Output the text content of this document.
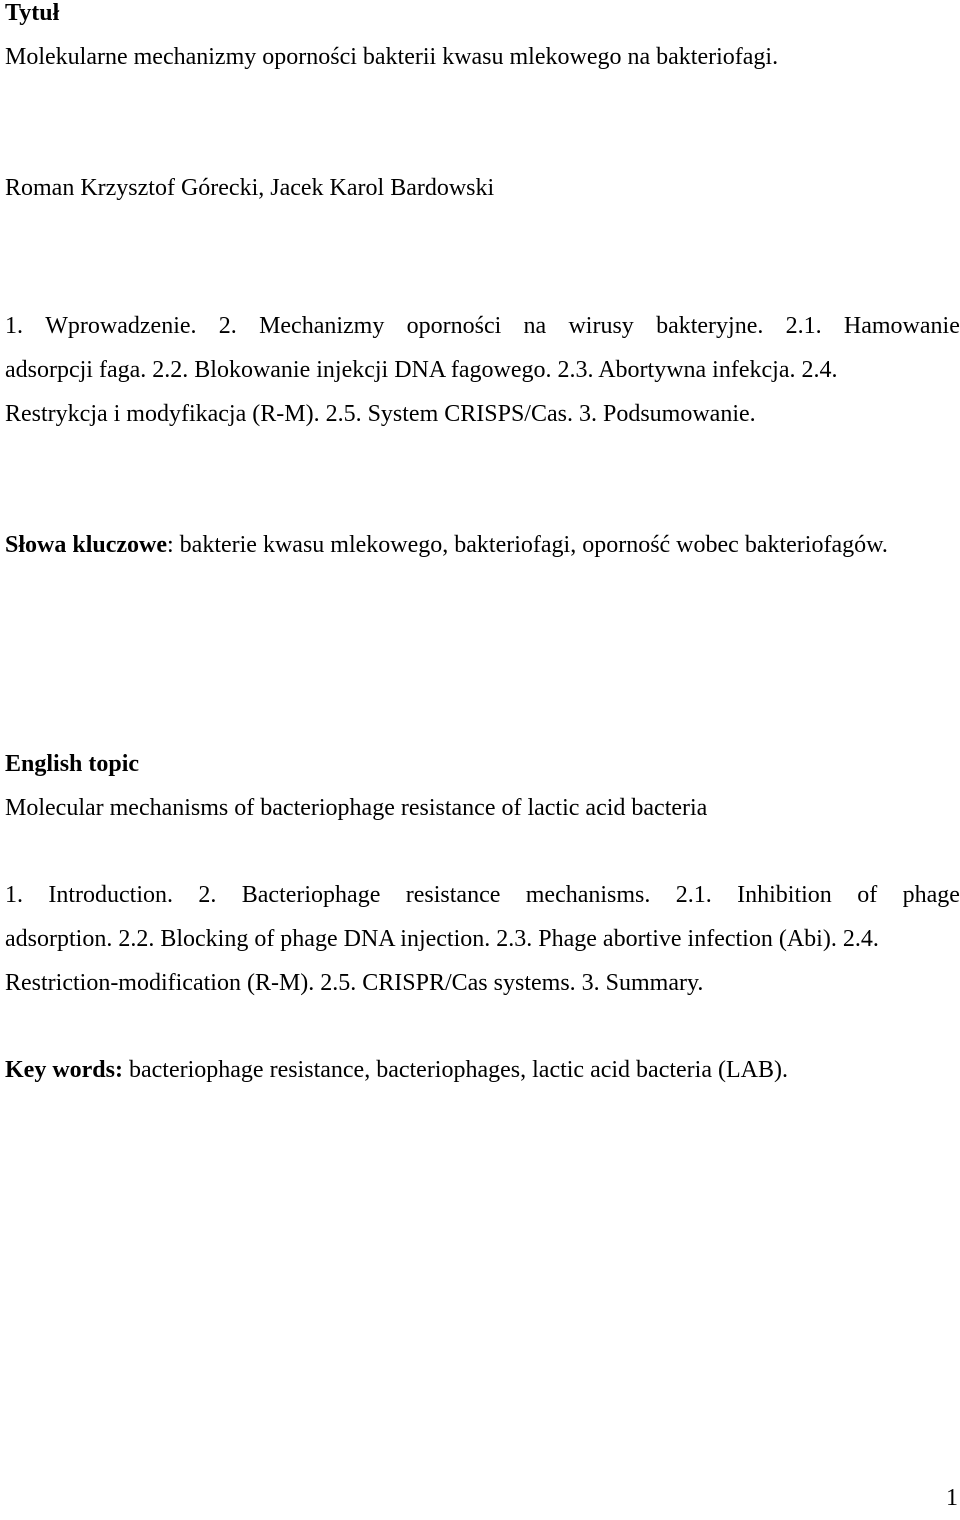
Tytuł
Molekularne mechanizmy oporności bakterii kwasu mlekowego na bakteriofagi.
Roman Krzysztof Górecki, Jacek Karol Bardowski
1. Wprowadzenie. 2. Mechanizmy oporności na wirusy bakteryjne. 2.1. Hamowanie
adsorpcji faga. 2.2. Blokowanie injekcji DNA fagowego. 2.3. Abortywna infekcja. 2.4.
Restrykcja i modyfikacja (R-M). 2.5. System CRISPS/Cas. 3. Podsumowanie.
Słowa kluczowe: bakterie kwasu mlekowego, bakteriofagi, oporność wobec bakteriofagów.
English topic
Molecular mechanisms of bacteriophage resistance of lactic acid bacteria
1. Introduction. 2. Bacteriophage resistance mechanisms. 2.1. Inhibition of phage
adsorption. 2.2. Blocking of phage DNA injection. 2.3. Phage abortive infection (Abi). 2.4.
Restriction-modification (R-M). 2.5. CRISPR/Cas systems. 3. Summary.
Key words: bacteriophage resistance, bacteriophages, lactic acid bacteria (LAB).
1
